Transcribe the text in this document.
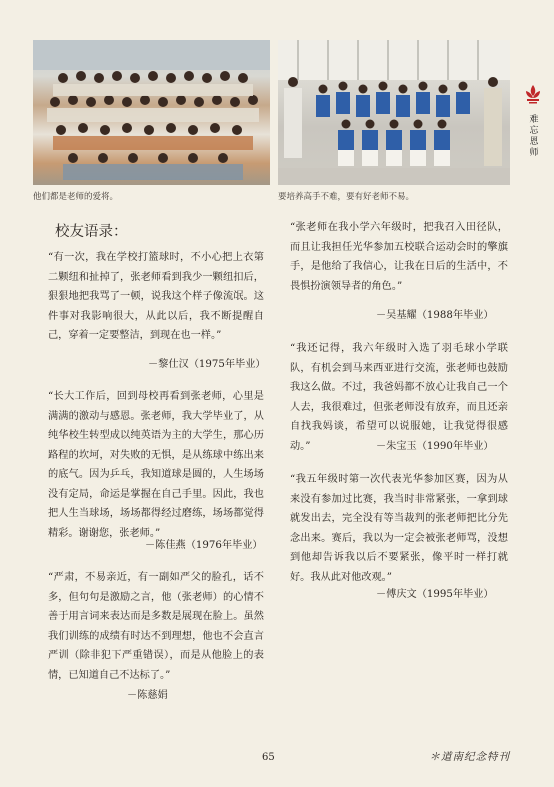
他们都是老师的爱将。	要培养高手不难，要有好老师不易。
难忘恩师
校友语录：

“有一次，我在学校打篮球时，不小心把上衣第二颗纽和扯掉了，张老师看到我少一颗纽扣后，狠狠地把我骂了一顿，说我这个样子像流氓。这件事对我影响很大，从此以后，我不断提醒自己，穿着一定要整洁，到现在也一样。”

－黎仕汉（1975年毕业）

“长大工作后，回到母校再看到张老师，心里是满满的激动与感恩。张老师，我大学毕业了，从纯华校生转型成以纯英语为主的大学生，那心历路程的坎坷，对失败的无惧，是从练球中练出来的底气。因为乒乓，我知道球是圆的，人生场场没有定局，命运是掌握在自己手里。因此，我也把人生当球场，场场都得经过磨练，场场都觉得精彩。谢谢您，张老师。”

－陈佳燕（1976年毕业）

“严肃，不易亲近，有一副如严父的脸孔，话不多，但句句是激励之言，他（张老师）的心情不善于用言词来表达而是多数是展现在脸上。虽然我们训练的成绩有时达不到理想，他也不会直言严训（除非犯下严重错误），而是从他脸上的表情，已知道自己不达标了。”

－陈慈娟

“张老师在我小学六年级时，把我召入田径队，而且让我担任光华参加五校联合运动会时的擎旗手，是他给了我信心，让我在日后的生活中，不畏惧扮演领导者的角色。”

－吴基耀（1988年毕业）

“我还记得，我六年级时入选了羽毛球小学联队，有机会到马来西亚进行交流，张老师也鼓励我这么做。不过，我爸妈都不放心让我自己一个人去，我很难过，但张老师没有放弃，而且还亲自找我妈谈，希望可以说服她，让我觉得很感动。”	－朱宝玉（1990年毕业）

“我五年级时第一次代表光华参加区赛，因为从来没有参加过比赛，我当时非常紧张，一拿到球就发出去，完全没有等当裁判的张老师把比分先念出来。赛后，我以为一定会被张老师骂，没想到他却告诉我以后不要紧张，像平时一样打就好。我从此对他改观。”

－傅庆文（1995年毕业）
65	＊道南纪念特刊
